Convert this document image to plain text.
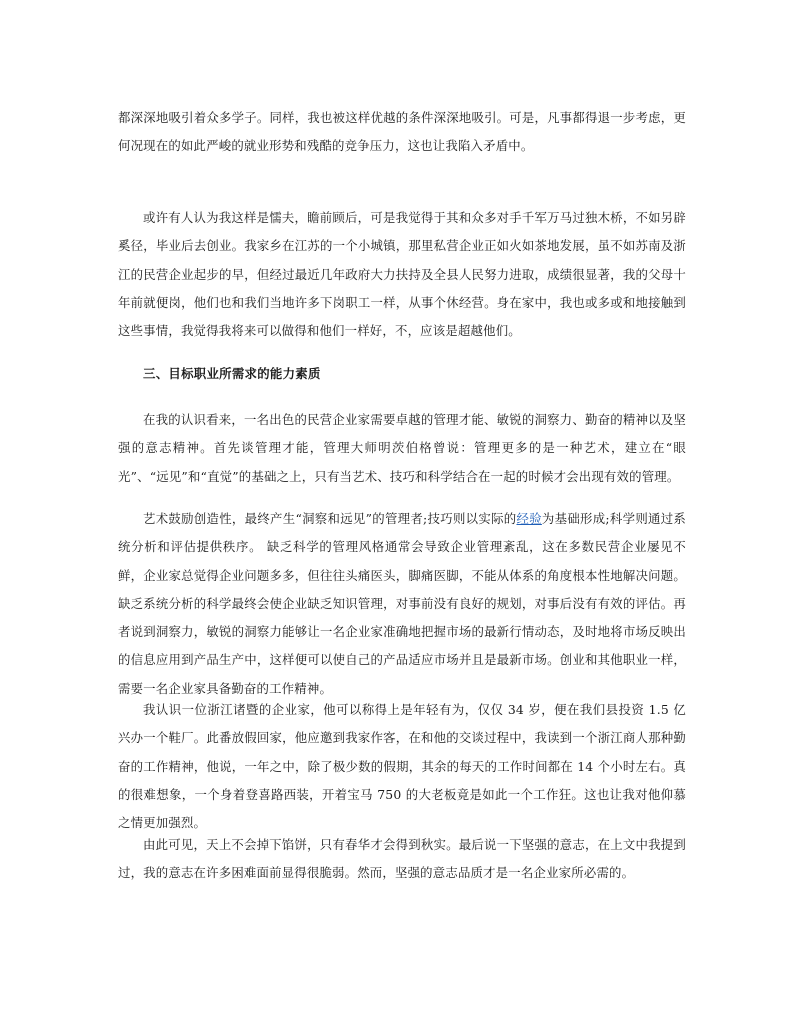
都深深地吸引着众多学子。同样，我也被这样优越的条件深深地吸引。可是，凡事都得退一步考虑，更何况现在的如此严峻的就业形势和残酷的竞争压力，这也让我陷入矛盾中。

或许有人认为我这样是懦夫，瞻前顾后，可是我觉得于其和众多对手千军万马过独木桥，不如另辟奚径，毕业后去创业。我家乡在江苏的一个小城镇，那里私营企业正如火如茶地发展，虽不如苏南及浙江的民营企业起步的早，但经过最近几年政府大力扶持及全县人民努力进取，成绩很显著，我的父母十年前就便岗，他们也和我们当地许多下岗职工一样，从事个休经营。身在家中，我也或多或和地接触到这些事情，我觉得我将来可以做得和他们一样好，不，应该是超越他们。

三、目标职业所需求的能力素质

在我的认识看来，一名出色的民营企业家需要卓越的管理才能、敏锐的洞察力、勤奋的精神以及坚强的意志精神。首先谈管理才能，管理大师明茨伯格曾说：管理更多的是一种艺术，建立在“眼光”、“远见”和“直觉”的基础之上，只有当艺术、技巧和科学结合在一起的时候才会出现有效的管理。

艺术鼓励创造性，最终产生“洞察和远见”的管理者;技巧则以实际的经验为基础形成;科学则通过系统分析和评估提供秩序。 缺乏科学的管理风格通常会导致企业管理紊乱，这在多数民营企业屡见不鲜，企业家总觉得企业问题多多，但往往头痛医头，脚痛医脚，不能从体系的角度根本性地解决问题。缺乏系统分析的科学最终会使企业缺乏知识管理，对事前没有良好的规划，对事后没有有效的评估。再者说到洞察力，敏锐的洞察力能够让一名企业家准确地把握市场的最新行情动态，及时地将市场反映出的信息应用到产品生产中，这样便可以使自己的产品适应市场并且是最新市场。创业和其他职业一样，需要一名企业家具备勤奋的工作精神。

我认识一位浙江诸暨的企业家，他可以称得上是年轻有为，仅仅 34 岁，便在我们县投资 1.5 亿兴办一个鞋厂。此番放假回家，他应邀到我家作客，在和他的交谈过程中，我读到一个浙江商人那种勤奋的工作精神，他说，一年之中，除了极少数的假期，其余的每天的工作时间都在 14 个小时左右。真的很难想象，一个身着登喜路西装，开着宝马 750 的大老板竟是如此一个工作狂。这也让我对他仰慕之情更加强烈。

由此可见，天上不会掉下馅饼，只有春华才会得到秋实。最后说一下坚强的意志，在上文中我提到过，我的意志在许多困难面前显得很脆弱。然而，坚强的意志品质才是一名企业家所必需的。
